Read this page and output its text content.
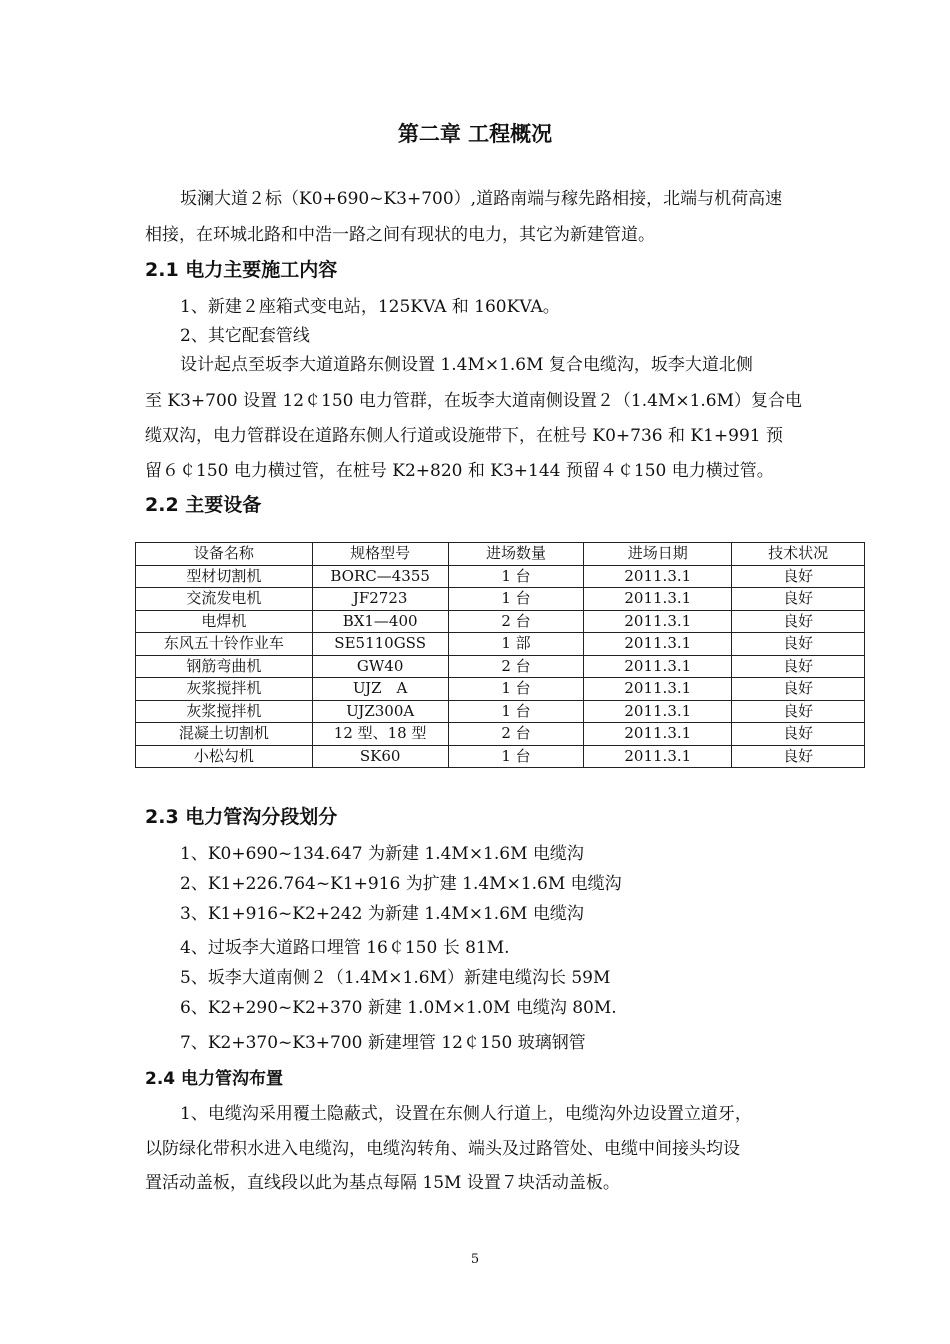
第二章 工程概况
坂澜大道２标（K0+690~K3+700）,道路南端与稼先路相接，北端与机荷高速
相接，在环城北路和中浩一路之间有现状的电力，其它为新建管道。
2.1 电力主要施工内容
1、新建２座箱式变电站，125KVA 和 160KVA。
2、其它配套管线
设计起点至坂李大道道路东侧设置 1.4M×1.6M 复合电缆沟，坂李大道北侧
至 K3+700 设置 12￠150 电力管群，在坂李大道南侧设置２（1.4M×1.6M）复合电
缆双沟，电力管群设在道路东侧人行道或设施带下，在桩号 K0+736 和 K1+991 预
留６￠150 电力横过管，在桩号 K2+820 和 K3+144 预留４￠150 电力横过管。
2.2 主要设备
设备名称	规格型号	进场数量	进场日期	技术状况
型材切割机	BORC—4355	1 台	2011.3.1	良好
交流发电机	JF2723	1 台	2011.3.1	良好
电焊机	BX1—400	2 台	2011.3.1	良好
东风五十铃作业车	SE5110GSS	1 部	2011.3.1	良好
钢筋弯曲机	GW40	2 台	2011.3.1	良好
灰浆搅拌机	UJZ　A	1 台	2011.3.1	良好
灰浆搅拌机	UJZ300A	1 台	2011.3.1	良好
混凝土切割机	12 型、18 型	2 台	2011.3.1	良好
小松勾机	SK60	1 台	2011.3.1	良好
2.3 电力管沟分段划分
1、K0+690~134.647 为新建 1.4M×1.6M 电缆沟
2、K1+226.764~K1+916 为扩建 1.4M×1.6M 电缆沟
3、K1+916~K2+242 为新建 1.4M×1.6M 电缆沟
4、过坂李大道路口埋管 16￠150 长 81M.
5、坂李大道南侧２（1.4M×1.6M）新建电缆沟长 59M
6、K2+290~K2+370 新建 1.0M×1.0M 电缆沟 80M.
7、K2+370~K3+700 新建埋管 12￠150 玻璃钢管
2.4 电力管沟布置
1、电缆沟采用覆土隐蔽式，设置在东侧人行道上，电缆沟外边设置立道牙，
以防绿化带积水进入电缆沟，电缆沟转角、端头及过路管处、电缆中间接头均设
置活动盖板，直线段以此为基点每隔 15M 设置７块活动盖板。
5
